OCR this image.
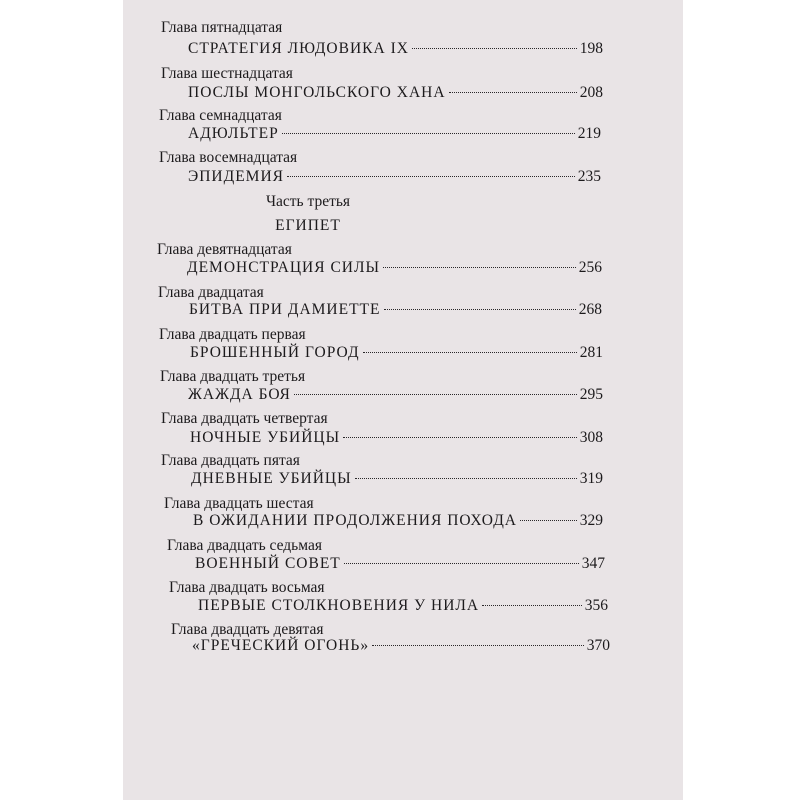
Глава пятнадцатая
СТРАТЕГИЯ ЛЮДОВИКА IX	198
Глава шестнадцатая
ПОСЛЫ МОНГОЛЬСКОГО ХАНА	208
Глава семнадцатая
АДЮЛЬТЕР	219
Глава восемнадцатая
ЭПИДЕМИЯ	235
Часть третья
ЕГИПЕТ
Глава девятнадцатая
ДЕМОНСТРАЦИЯ СИЛЫ	256
Глава двадцатая
БИТВА ПРИ ДАМИЕТТЕ	268
Глава двадцать первая
БРОШЕННЫЙ ГОРОД	281
Глава двадцать третья
ЖАЖДА БОЯ	295
Глава двадцать четвертая
НОЧНЫЕ УБИЙЦЫ	308
Глава двадцать пятая
ДНЕВНЫЕ УБИЙЦЫ	319
Глава двадцать шестая
В ОЖИДАНИИ ПРОДОЛЖЕНИЯ ПОХОДА	329
Глава двадцать седьмая
ВОЕННЫЙ СОВЕТ	347
Глава двадцать восьмая
ПЕРВЫЕ СТОЛКНОВЕНИЯ У НИЛА	356
Глава двадцать девятая
«ГРЕЧЕСКИЙ ОГОНЬ»	370
